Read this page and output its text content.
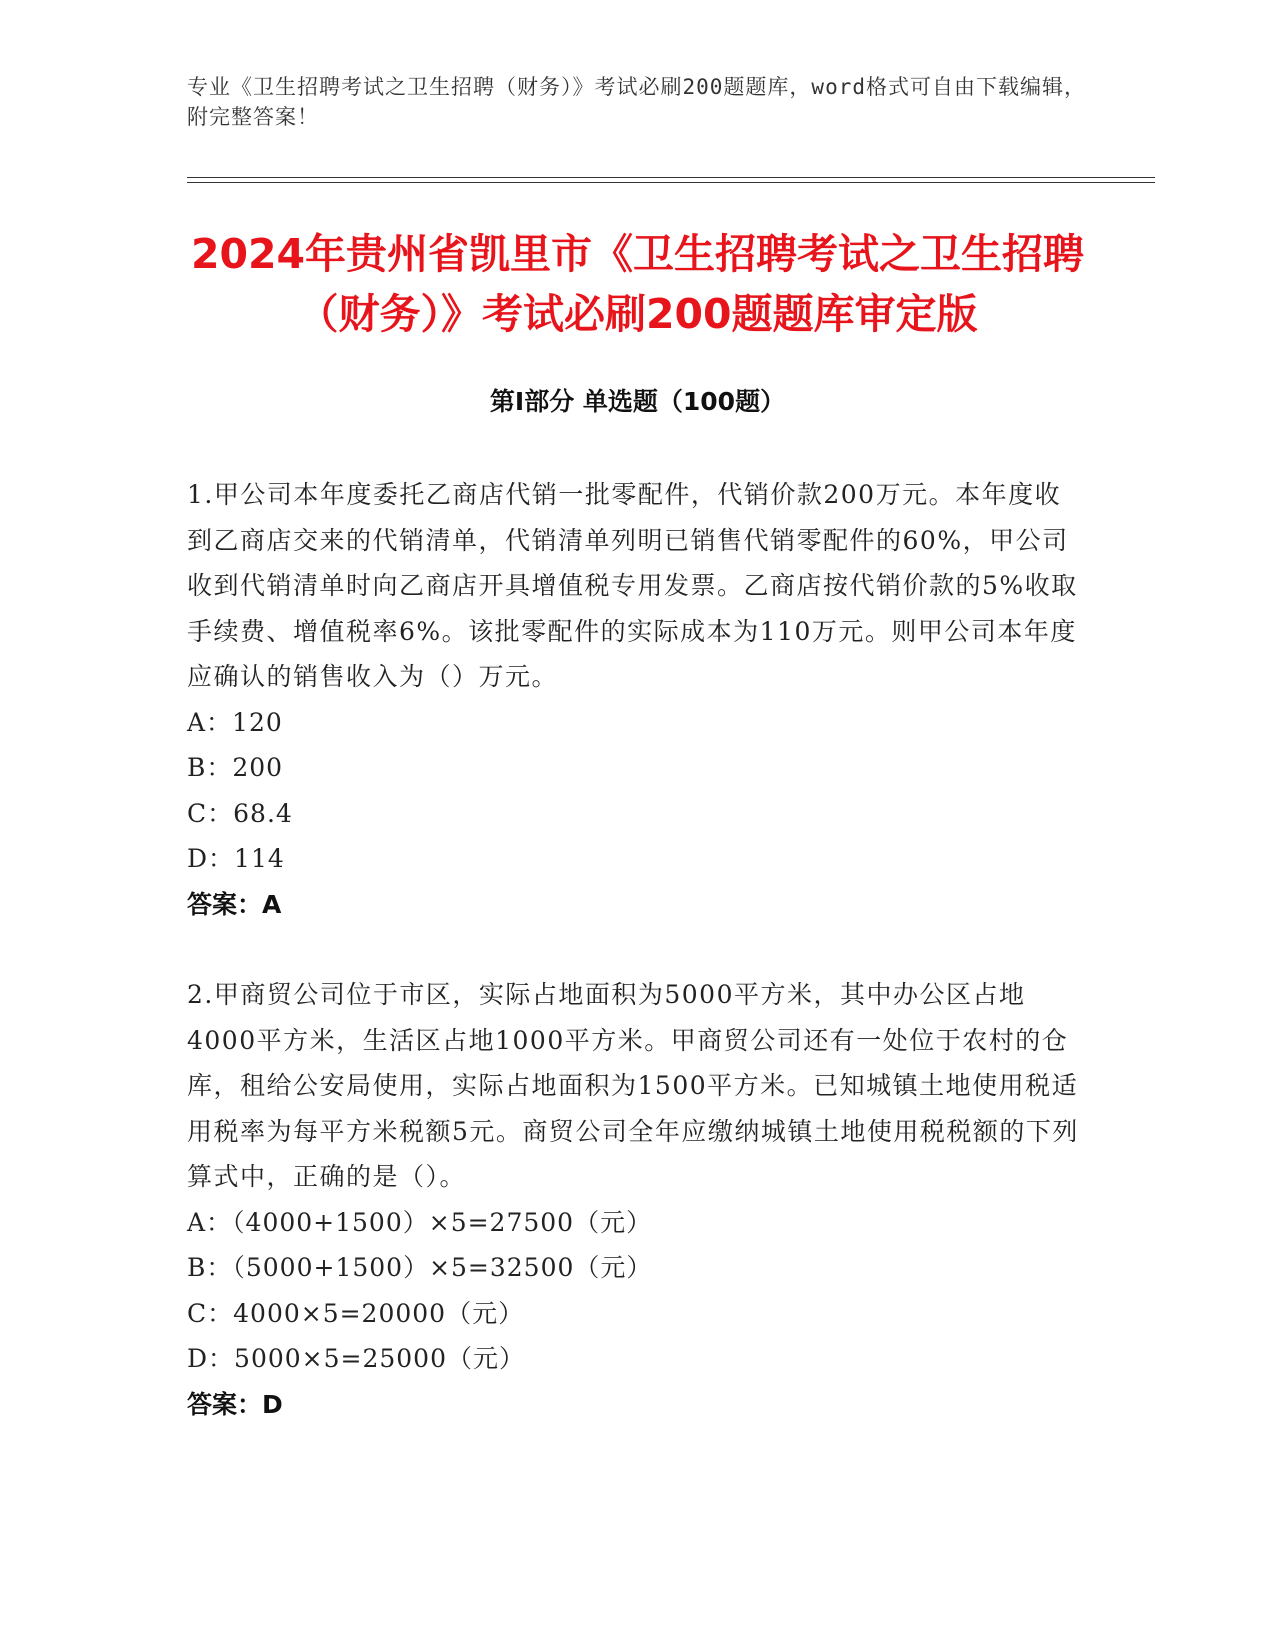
专业《卫生招聘考试之卫生招聘（财务）》考试必刷200题题库，word格式可自由下载编辑，附完整答案！
2024年贵州省凯里市《卫生招聘考试之卫生招聘（财务）》考试必刷200题题库审定版
第Ⅰ部分 单选题（100题）
1.甲公司本年度委托乙商店代销一批零配件，代销价款200万元。本年度收到乙商店交来的代销清单，代销清单列明已销售代销零配件的60%，甲公司收到代销清单时向乙商店开具增值税专用发票。乙商店按代销价款的5%收取手续费、增值税率6%。该批零配件的实际成本为110万元。则甲公司本年度应确认的销售收入为（）万元。
A：120
B：200
C：68.4
D：114
答案：A
2.甲商贸公司位于市区，实际占地面积为5000平方米，其中办公区占地4000平方米，生活区占地1000平方米。甲商贸公司还有一处位于农村的仓库，租给公安局使用，实际占地面积为1500平方米。已知城镇土地使用税适用税率为每平方米税额5元。商贸公司全年应缴纳城镇土地使用税税额的下列算式中，正确的是（）。
A：（4000+1500）×5=27500（元）
B：（5000+1500）×5=32500（元）
C：4000×5=20000（元）
D：5000×5=25000（元）
答案：D
